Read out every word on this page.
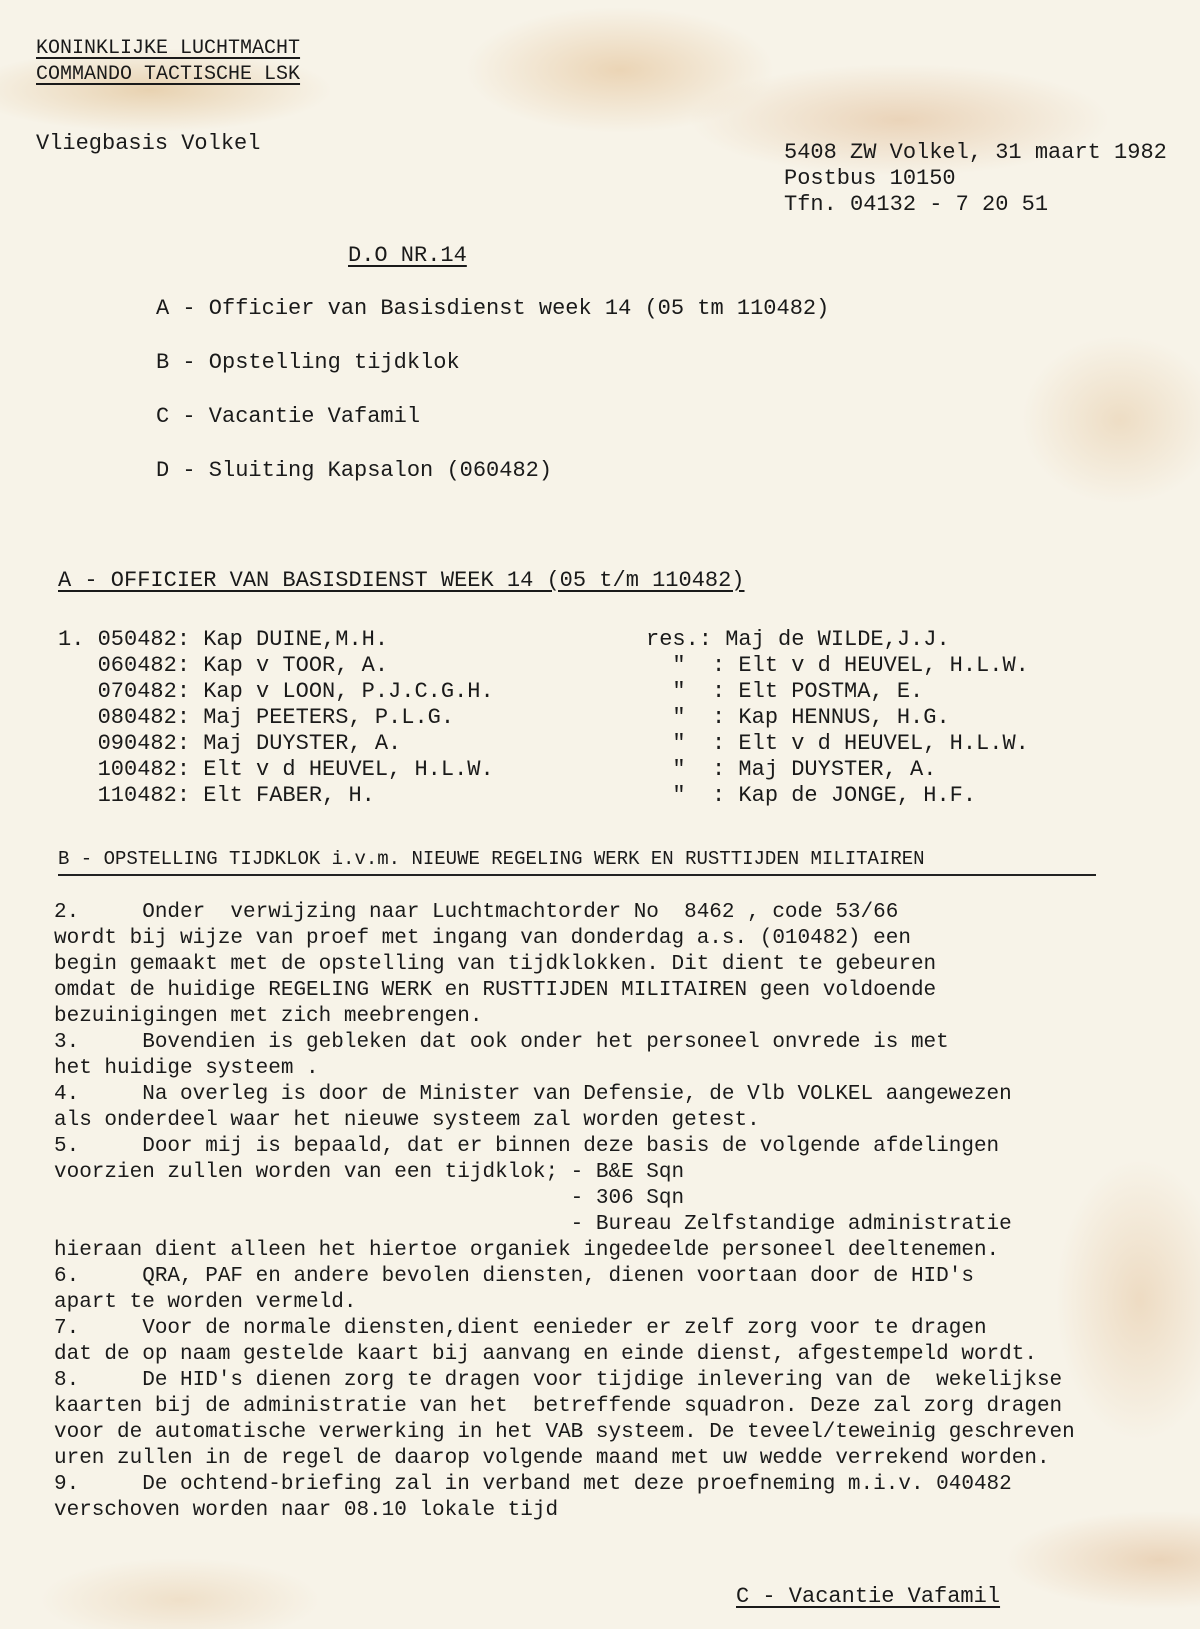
KONINKLIJKE LUCHTMACHT
COMMANDO TACTISCHE LSK
Vliegbasis Volkel	5408 ZW Volkel, 31 maart 1982
Postbus 10150
Tfn. 04132 - 7 20 51
D.O NR.14
A - Officier van Basisdienst week 14 (05 tm 110482)
B - Opstelling tijdklok
C - Vacantie Vafamil
D - Sluiting Kapsalon (060482)
A - OFFICIER VAN BASISDIENST WEEK 14 (05 t/m 110482)
1. 050482: Kap DUINE,M.H.	res.: Maj de WILDE,J.J.
060482: Kap v TOOR, A.	"  : Elt v d HEUVEL, H.L.W.
070482: Kap v LOON, P.J.C.G.H.	"  : Elt POSTMA, E.
080482: Maj PEETERS, P.L.G.	"  : Kap HENNUS, H.G.
090482: Maj DUYSTER, A.	"  : Elt v d HEUVEL, H.L.W.
100482: Elt v d HEUVEL, H.L.W.	"  : Maj DUYSTER, A.
110482: Elt FABER, H.	"  : Kap de JONGE, H.F.
B - OPSTELLING TIJDKLOK i.v.m. NIEUWE REGELING WERK EN RUSTTIJDEN MILITAIREN
2.     Onder  verwijzing naar Luchtmachtorder No  8462 , code 53/66
wordt bij wijze van proef met ingang van donderdag a.s. (010482) een
begin gemaakt met de opstelling van tijdklokken. Dit dient te gebeuren
omdat de huidige REGELING WERK en RUSTTIJDEN MILITAIREN geen voldoende
bezuinigingen met zich meebrengen.
3.     Bovendien is gebleken dat ook onder het personeel onvrede is met
het huidige systeem .
4.     Na overleg is door de Minister van Defensie, de Vlb VOLKEL aangewezen
als onderdeel waar het nieuwe systeem zal worden getest.
5.     Door mij is bepaald, dat er binnen deze basis de volgende afdelingen
voorzien zullen worden van een tijdklok; - B&E Sqn
- 306 Sqn
- Bureau Zelfstandige administratie
hieraan dient alleen het hiertoe organiek ingedeelde personeel deeltenemen.
6.     QRA, PAF en andere bevolen diensten, dienen voortaan door de HID's
apart te worden vermeld.
7.     Voor de normale diensten,dient eenieder er zelf zorg voor te dragen
dat de op naam gestelde kaart bij aanvang en einde dienst, afgestempeld wordt.
8.     De HID's dienen zorg te dragen voor tijdige inlevering van de  wekelijkse
kaarten bij de administratie van het  betreffende squadron. Deze zal zorg dragen
voor de automatische verwerking in het VAB systeem. De teveel/teweinig geschreven
uren zullen in de regel de daarop volgende maand met uw wedde verrekend worden.
9.     De ochtend-briefing zal in verband met deze proefneming m.i.v. 040482
verschoven worden naar 08.10 lokale tijd
C - Vacantie Vafamil
